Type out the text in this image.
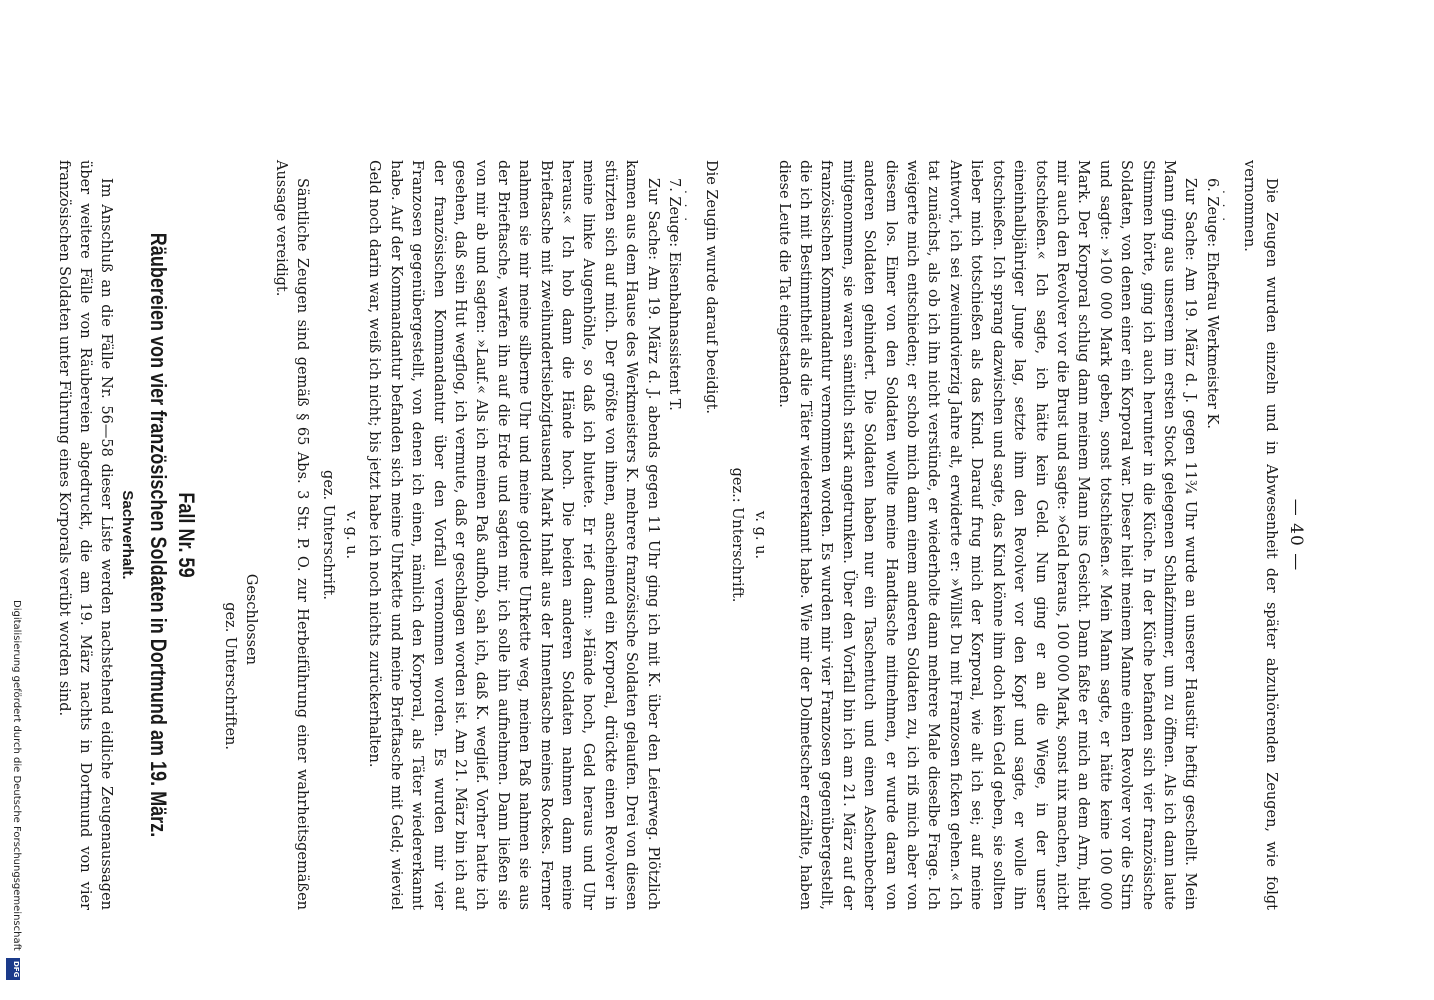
— 40 —

Die Zeugen wurden einzeln und in Abwesenheit der später abzuhörenden Zeugen, wie folgt vernommen.

. . .

6. Zeuge: Ehefrau Werkmeister K.

Zur Sache: Am 19. März d. J. gegen 11¾ Uhr wurde an unserer Haustür heftig geschellt. Mein Mann ging aus unserem im ersten Stock gelegenen Schlafzimmer, um zu öffnen. Als ich dann laute Stimmen hörte, ging ich auch herunter in die Küche. In der Küche befanden sich vier französische Soldaten, von denen einer ein Korporal war. Dieser hielt meinem Manne einen Revolver vor die Stirn und sagte: »100 000 Mark geben, sonst totschießen.« Mein Mann sagte, er hätte keine 100 000 Mark. Der Korporal schlug dann meinem Mann ins Gesicht. Dann faßte er mich an dem Arm, hielt mir auch den Revolver vor die Brust und sagte: »Geld heraus, 100 000 Mark, sonst nix machen, nicht totschießen.« Ich sagte, ich hätte kein Geld. Nun ging er an die Wiege, in der unser eineinhalbjähriger Junge lag, setzte ihm den Revolver vor den Kopf und sagte, er wolle ihn totschießen. Ich sprang dazwischen und sagte, das Kind könne ihm doch kein Geld geben, sie sollten lieber mich totschießen als das Kind. Darauf frug mich der Korporal, wie alt ich sei; auf meine Antwort, ich sei zweiundvierzig Jahre alt, erwiderte er: »Willst Du mit Franzosen ficken gehen.« Ich tat zunächst, als ob ich ihn nicht verstünde, er wiederholte dann mehrere Male dieselbe Frage. Ich weigerte mich entschieden; er schob mich dann einem anderen Soldaten zu, ich riß mich aber von diesem los. Einer von den Soldaten wollte meine Handtasche mitnehmen, er wurde daran von anderen Soldaten gehindert. Die Soldaten haben nur ein Taschentuch und einen Aschenbecher mitgenommen, sie waren sämtlich stark angetrunken. Über den Vorfall bin ich am 21. März auf der französischen Kommandantur vernommen worden. Es wurden mir vier Franzosen gegenübergestellt, die ich mit Bestimmtheit als die Täter wiedererkannt habe. Wie mir der Dolmetscher erzählte, haben diese Leute die Tat eingestanden.

v. g. u.
gez.: Unterschrift.

Die Zeugin wurde darauf beeidigt.

. . .

7. Zeuge: Eisenbahnassistent T.

Zur Sache: Am 19. März d. J. abends gegen 11 Uhr ging ich mit K. über den Leierweg. Plötzlich kamen aus dem Hause des Werkmeisters K. mehrere französische Soldaten gelaufen. Drei von diesen stürzten sich auf mich. Der größte von ihnen, anscheinend ein Korporal, drückte einen Revolver in meine linke Augenhöhle, so daß ich blutete. Er rief dann: »Hände hoch, Geld heraus und Uhr heraus.« Ich hob dann die Hände hoch. Die beiden anderen Soldaten nahmen dann meine Brieftasche mit zweihundertsiebzigtausend Mark Inhalt aus der Innentasche meines Rockes. Ferner nahmen sie mir meine silberne Uhr und meine goldene Uhrkette weg, meinen Paß nahmen sie aus der Brieftasche, warfen ihn auf die Erde und sagten mir, ich solle ihn aufnehmen. Dann ließen sie von mir ab und sagten: »Lauf.« Als ich meinen Paß aufhob, sah ich, daß K. weglief. Vorher hatte ich gesehen, daß sein Hut wegflog, ich vermute, daß er geschlagen worden ist. Am 21. März bin ich auf der französischen Kommandantur über den Vorfall vernommen worden. Es wurden mir vier Franzosen gegenübergestellt, von denen ich einen, nämlich den Korporal, als Täter wiedererkannt habe. Auf der Kommandantur befanden sich meine Uhrkette und meine Brieftasche mit Geld; wieviel Geld noch darin war, weiß ich nicht; bis jetzt habe ich noch nichts zurückerhalten.

v. g. u.
gez. Unterschrift.

Sämtliche Zeugen sind gemäß § 65 Abs. 3 Str. P. O. zur Herbeiführung einer wahrheitsgemäßen Aussage vereidigt.

Geschlossen
gez. Unterschriften.
Fall Nr. 59
Räubereien von vier französischen Soldaten in Dortmund am 19. März.
Sachverhalt.

Im Anschluß an die Fälle Nr. 56—58 dieser Liste werden nachstehend eidliche Zeugenaussagen über weitere Fälle von Räubereien abgedruckt, die am 19. März nachts in Dortmund von vier französischen Soldaten unter Führung eines Korporals verübt worden sind.

Digitalisierung gefördert durch die Deutsche Forschungsgemeinschaft DFG
